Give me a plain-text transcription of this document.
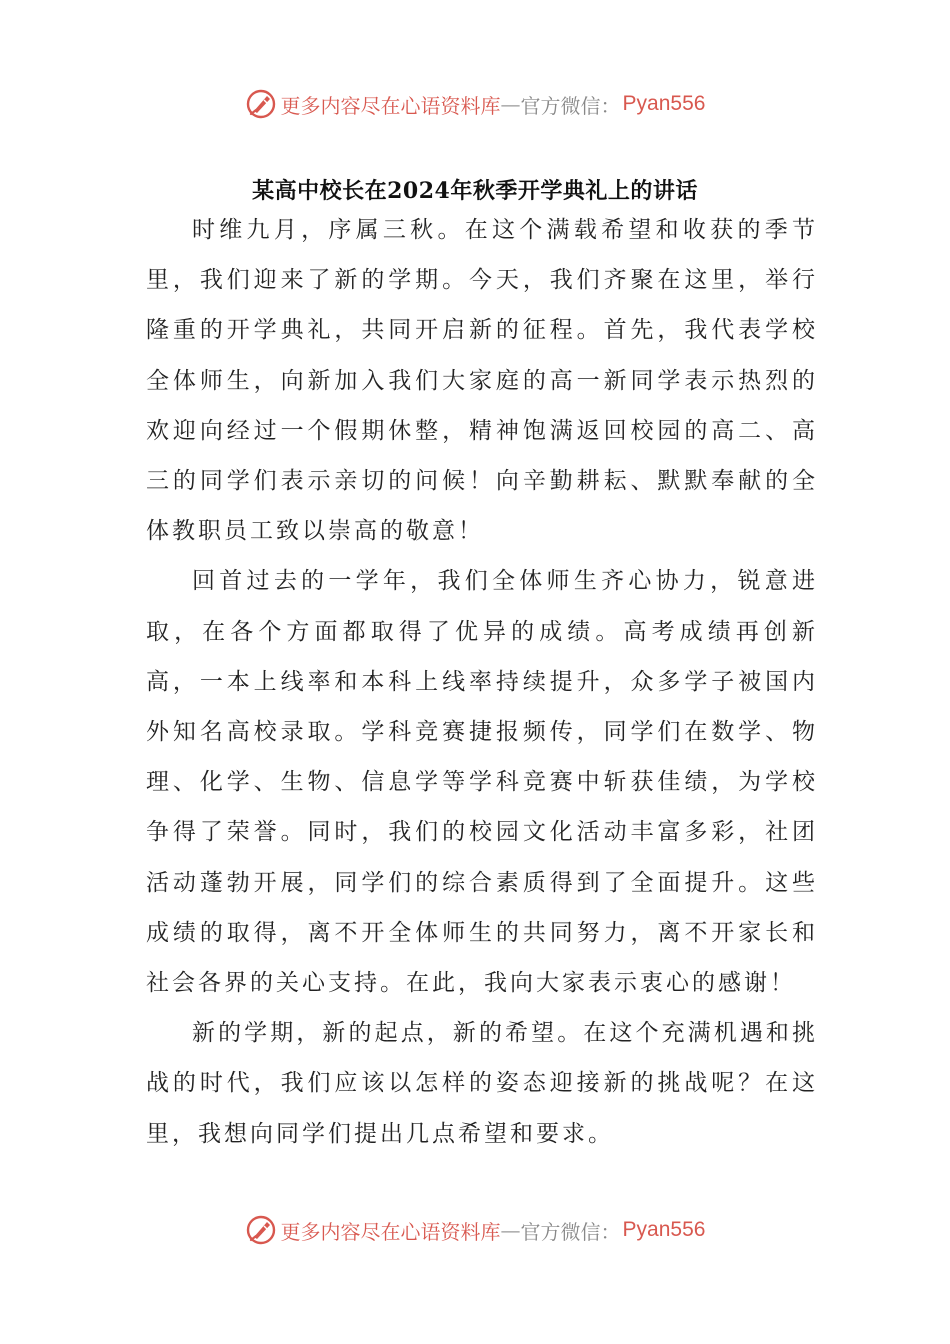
更多内容尽在心语资料库 — 官方微信： Pyan556
某高中校长在2024年秋季开学典礼上的讲话

时维九月，序属三秋。在这个满载希望和收获的季节里，我们迎来了新的学期。今天，我们齐聚在这里，举行隆重的开学典礼，共同开启新的征程。首先，我代表学校全体师生，向新加入我们大家庭的高一新同学表示热烈的欢迎向经过一个假期休整，精神饱满返回校园的高二、高三的同学们表示亲切的问候！向辛勤耕耘、默默奉献的全体教职员工致以崇高的敬意！

回首过去的一学年，我们全体师生齐心协力，锐意进取，在各个方面都取得了优异的成绩。高考成绩再创新高，一本上线率和本科上线率持续提升，众多学子被国内外知名高校录取。学科竞赛捷报频传，同学们在数学、物理、化学、生物、信息学等学科竞赛中斩获佳绩，为学校争得了荣誉。同时，我们的校园文化活动丰富多彩，社团活动蓬勃开展，同学们的综合素质得到了全面提升。这些成绩的取得，离不开全体师生的共同努力，离不开家长和社会各界的关心支持。在此，我向大家表示衷心的感谢！

新的学期，新的起点，新的希望。在这个充满机遇和挑战的时代，我们应该以怎样的姿态迎接新的挑战呢？在这里，我想向同学们提出几点希望和要求。

更多内容尽在心语资料库 — 官方微信： Pyan556
